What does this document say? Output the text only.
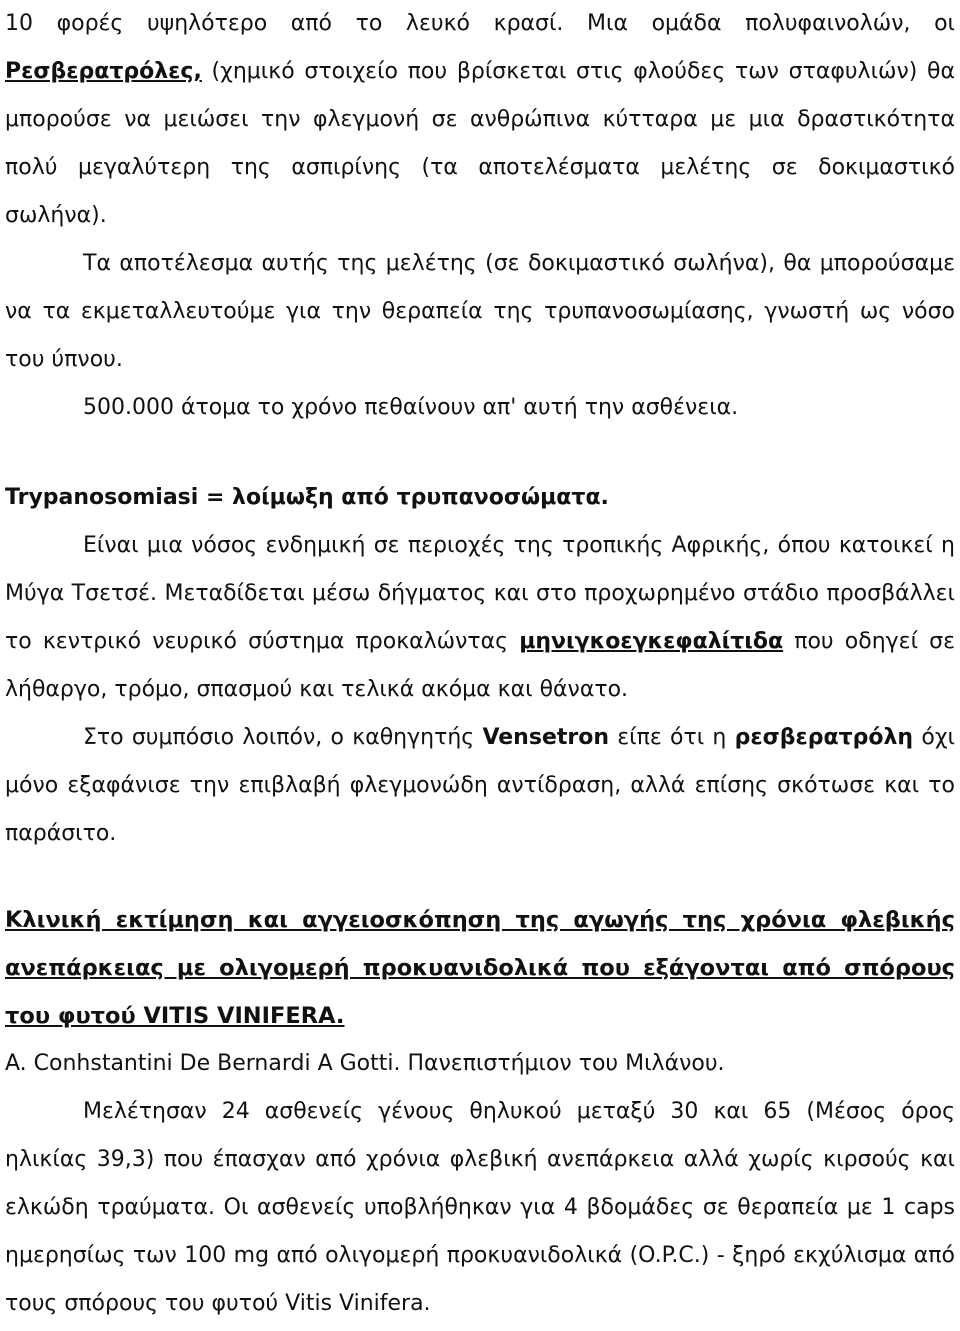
10 φορές υψηλότερο από το λευκό κρασί. Μια ομάδα πολυφαινολών, οι Ρεσβερατρόλες, (χημικό στοιχείο που βρίσκεται στις φλούδες των σταφυλιών) θα μπορούσε να μειώσει την φλεγμονή σε ανθρώπινα κύτταρα με μια δραστικότητα πολύ μεγαλύτερη της ασπιρίνης (τα αποτελέσματα μελέτης σε δοκιμαστικό σωλήνα).

Τα αποτέλεσμα αυτής της μελέτης (σε δοκιμαστικό σωλήνα), θα μπορούσαμε να τα εκμεταλλευτούμε για την θεραπεία της τρυπανοσωμίασης, γνωστή ως νόσο του ύπνου.

500.000 άτομα το χρόνο πεθαίνουν απ' αυτή την ασθένεια.

Trypanosomiasi = λοίμωξη από τρυπανοσώματα.

Είναι μια νόσος ενδημική σε περιοχές της τροπικής Αφρικής, όπου κατοικεί η Μύγα Τσετσέ. Μεταδίδεται μέσω δήγματος και στο προχωρημένο στάδιο προσβάλλει το κεντρικό νευρικό σύστημα προκαλώντας μηνιγκοεγκεφαλίτιδα που οδηγεί σε λήθαργο, τρόμο, σπασμού και τελικά ακόμα και θάνατο.

Στο συμπόσιο λοιπόν, ο καθηγητής Vensetron είπε ότι η ρεσβερατρόλη όχι μόνο εξαφάνισε την επιβλαβή φλεγμονώδη αντίδραση, αλλά επίσης σκότωσε και το παράσιτο.

Κλινική εκτίμηση και αγγειοσκόπηση της αγωγής της χρόνια φλεβικής ανεπάρκειας με ολιγομερή προκυανιδολικά που εξάγονται από σπόρους του φυτού VITIS VINIFERA.

A. Conhstantini De Bernardi A Gotti. Πανεπιστήμιον του Μιλάνου.

Μελέτησαν 24 ασθενείς γένους θηλυκού μεταξύ 30 και 65 (Μέσος όρος ηλικίας 39,3) που έπασχαν από χρόνια φλεβική ανεπάρκεια αλλά χωρίς κιρσούς και ελκώδη τραύματα. Οι ασθενείς υποβλήθηκαν για 4 βδομάδες σε θεραπεία με 1 caps ημερησίως των 100 mg από ολιγομερή προκυανιδολικά (O.P.C.) - ξηρό εκχύλισμα από τους σπόρους του φυτού Vitis Vinifera.
